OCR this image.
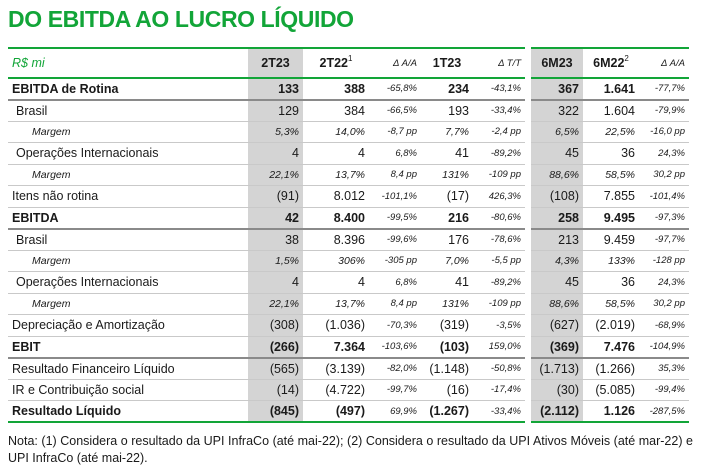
DO EBITDA AO LUCRO LÍQUIDO
R$ mi	2T23	$2T22^1$	Δ A/A	1T23	Δ T/T		6M23	$6M22^2$	Δ A/A
EBITDA de Rotina	133	388	-65,8%	234	-43,1%		367	1.641	-77,7%
Brasil	129	384	-66,5%	193	-33,4%		322	1.604	-79,9%
Margem	5,3%	14,0%	-8,7 pp	7,7%	-2,4 pp		6,5%	22,5%	-16,0 pp
Operações Internacionais	4	4	6,8%	41	-89,2%		45	36	24,3%
Margem	22,1%	13,7%	8,4 pp	131%	-109 pp		88,6%	58,5%	30,2 pp
Itens não rotina	(91)	8.012	-101,1%	(17)	426,3%		(108)	7.855	-101,4%
EBITDA	42	8.400	-99,5%	216	-80,6%		258	9.495	-97,3%
Brasil	38	8.396	-99,6%	176	-78,6%		213	9.459	-97,7%
Margem	1,5%	306%	-305 pp	7,0%	-5,5 pp		4,3%	133%	-128 pp
Operações Internacionais	4	4	6,8%	41	-89,2%		45	36	24,3%
Margem	22,1%	13,7%	8,4 pp	131%	-109 pp		88,6%	58,5%	30,2 pp
Depreciação e Amortização	(308)	(1.036)	-70,3%	(319)	-3,5%		(627)	(2.019)	-68,9%
EBIT	(266)	7.364	-103,6%	(103)	159,0%		(369)	7.476	-104,9%
Resultado Financeiro Líquido	(565)	(3.139)	-82,0%	(1.148)	-50,8%		(1.713)	(1.266)	35,3%
IR e Contribuição social	(14)	(4.722)	-99,7%	(16)	-17,4%		(30)	(5.085)	-99,4%
Resultado Líquido	(845)	(497)	69,9%	(1.267)	-33,4%		(2.112)	1.126	-287,5%
Nota: (1) Considera o resultado da UPI InfraCo (até mai-22); (2) Considera o resultado da UPI Ativos Móveis (até mar-22) e UPI InfraCo (até mai-22).
